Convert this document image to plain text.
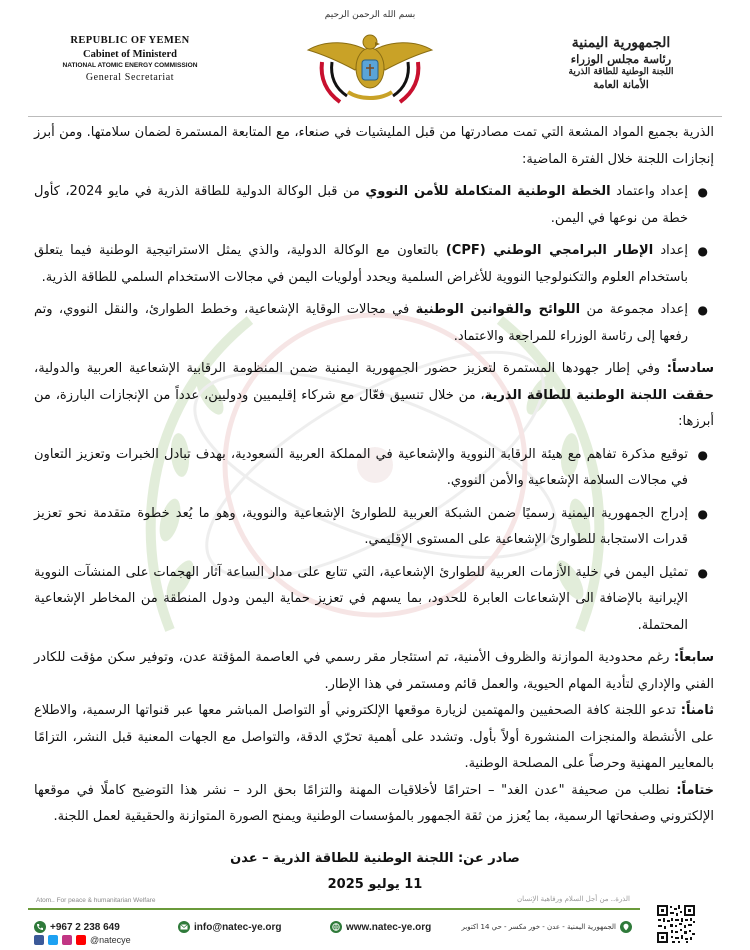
REPUBLIC OF YEMEN
Cabinet of Ministerd
NATIONAL ATOMIC ENERGY COMMISSION
General Secretariat
بسم الله الرحمن الرحيم
الجمهورية اليمنية
رئاسة مجلس الوزراء
اللجنة الوطنية للطاقة الذرية
الأمانة العامة

الذرية بجميع المواد المشعة التي تمت مصادرتها من قبل المليشيات في صنعاء، مع المتابعة المستمرة لضمان سلامتها. ومن أبرز إنجازات اللجنة خلال الفترة الماضية:

●
إعداد واعتماد الخطة الوطنية المتكاملة للأمن النووي من قبل الوكالة الدولية للطاقة الذرية في مايو 2024، كأول خطة من نوعها في اليمن.
●
إعداد الإطار البرامجي الوطني (CPF) بالتعاون مع الوكالة الدولية، والذي يمثل الاستراتيجية الوطنية فيما يتعلق باستخدام العلوم والتكنولوجيا النووية للأغراض السلمية ويحدد أولويات اليمن في مجالات الاستخدام السلمي للطاقة الذرية.
●
إعداد مجموعة من اللوائح والقوانين الوطنية في مجالات الوقاية الإشعاعية، وخطط الطوارئ، والنقل النووي، وتم رفعها إلى رئاسة الوزراء للمراجعة والاعتماد.

سادساً: وفي إطار جهودها المستمرة لتعزيز حضور الجمهورية اليمنية ضمن المنظومة الرقابية الإشعاعية العربية والدولية، حققت اللجنة الوطنية للطاقة الذرية، من خلال تنسيق فعّال مع شركاء إقليميين ودوليين، عدداً من الإنجازات البارزة، من أبرزها:

●
توقيع مذكرة تفاهم مع هيئة الرقابة النووية والإشعاعية في المملكة العربية السعودية، بهدف تبادل الخبرات وتعزيز التعاون في مجالات السلامة الإشعاعية والأمن النووي.
●
إدراج الجمهورية اليمنية رسميًا ضمن الشبكة العربية للطوارئ الإشعاعية والنووية، وهو ما يُعد خطوة متقدمة نحو تعزيز قدرات الاستجابة للطوارئ الإشعاعية على المستوى الإقليمي.
●
تمثيل اليمن في خلية الأزمات العربية للطوارئ الإشعاعية، التي تتابع على مدار الساعة آثار الهجمات على المنشآت النووية الإيرانية بالإضافة الى الإشعاعات العابرة للحدود، بما يسهم في تعزيز حماية اليمن ودول المنطقة من المخاطر الإشعاعية المحتملة.

سابعاً: رغم محدودية الموازنة والظروف الأمنية، تم استئجار مقر رسمي في العاصمة المؤقتة عدن، وتوفير سكن مؤقت للكادر الفني والإداري لتأدية المهام الحيوية، والعمل قائم ومستمر في هذا الإطار.

ثامناً: تدعو اللجنة كافة الصحفيين والمهتمين لزيارة موقعها الإلكتروني أو التواصل المباشر معها عبر قنواتها الرسمية، والاطلاع على الأنشطة والمنجزات المنشورة أولاً بأول. وتشدد على أهمية تحرّي الدقة، والتواصل مع الجهات المعنية قبل النشر، التزامًا بالمعايير المهنية وحرصاً على المصلحة الوطنية.

ختاماً: نطلب من صحيفة "عدن الغد" – احترامًا لأخلاقيات المهنة والتزامًا بحق الرد – نشر هذا التوضيح كاملًا في موقعها الإلكتروني وصفحاتها الرسمية، بما يُعزز من ثقة الجمهور بالمؤسسات الوطنية ويمنح الصورة المتوازنة والحقيقية لعمل اللجنة.

صادر عن: اللجنة الوطنية للطاقة الذرية – عدن
11 يوليو 2025
Atom.. For peace & humanitarian Welfare	الذرة.. من أجل السلام ورفاهية الإنسان
+967 2 238 649	info@natec-ye.org	www.natec-ye.org	الجمهورية اليمنية - عدن - خور مكسر - حي 14 اكتوبر
@natecye
